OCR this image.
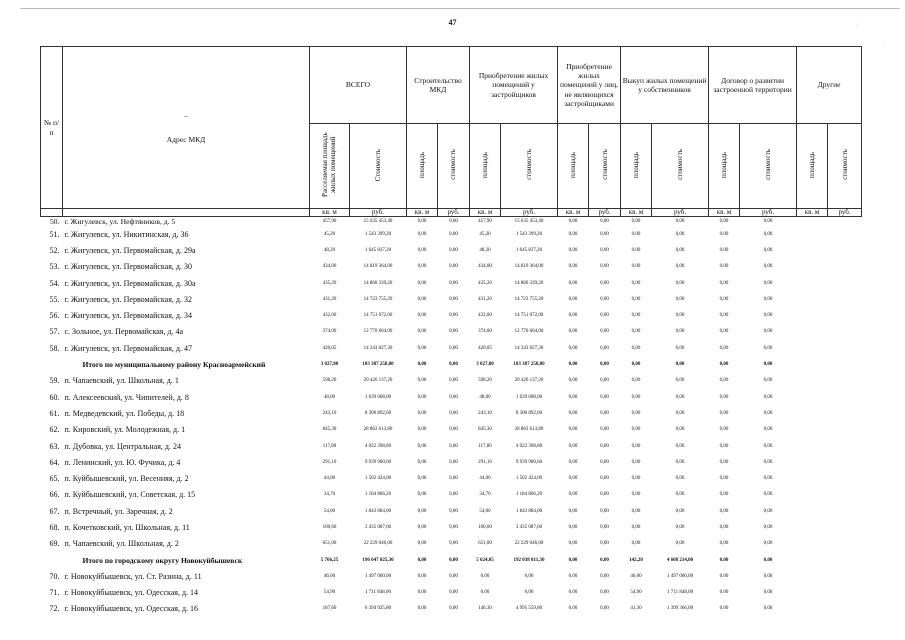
47	·
·
№ п/п	–
Адрес МКД	ВСЕГО		Строительство МКД		Приобретение жилых помещений у застройщиков		Приобретение жилых помещений у лиц, не являющихся застройщиками		Выкуп жилых помещений у собственников		Договор о развитии застроенной территории		Другие	
		Расселяемая площадь жилых помещений	Стоимость	площадь	стоимость	площадь	стоимость	площадь	стоимость	площадь	стоимость	площадь	стоимость	площадь	стоимость
		кв. м	руб.	кв. м	руб.	кв. м	руб.	кв. м	руб.	кв. м	руб.	кв. м	руб.	кв. м	руб.
50.	г. Жигулевск, ул. Нефтяников, д. 5	457,90	15 635 453,40	0,00	0,00	457,90	15 635 453,40	0,00	0,00	0,00	0,00	0,00	0,00		
51.	г. Жигулевск, ул. Никитинская, д. 36	45,20	1 543 399,20	0,00	0,00	45,20	1 543 399,20	0,00	0,00	0,00	0,00	0,00	0,00		
52.	г. Жигулевск, ул. Первомайская, д. 29а	48,20	1 645 837,20	0,00	0,00	48,20	1 645 837,20	0,00	0,00	0,00	0,00	0,00	0,00		
53.	г. Жигулевск, ул. Первомайская, д. 30	434,00	14 819 364,00	0,00	0,00	434,00	14 819 364,00	0,00	0,00	0,00	0,00	0,00	0,00		
54.	г. Жигулевск, ул. Первомайская, д. 30а	435,20	14 860 339,20	0,00	0,00	435,20	14 860 339,20	0,00	0,00	0,00	0,00	0,00	0,00		
55.	г. Жигулевск, ул. Первомайская, д. 32	431,20	14 723 755,20	0,00	0,00	431,20	14 723 755,20	0,00	0,00	0,00	0,00	0,00	0,00		
56.	г. Жигулевск, ул. Первомайская, д. 34	432,00	14 751 072,00	0,00	0,00	432,00	14 751 072,00	0,00	0,00	0,00	0,00	0,00	0,00		
57.	с. Зольное, ул. Первомайская, д. 4а	374,00	12 770 604,00	0,00	0,00	374,00	12 770 604,00	0,00	0,00	0,00	0,00	0,00	0,00		
58.	г. Жигулевск, ул. Первомайская, д. 47	420,05	14 343 027,30	0,00	0,00	420,05	14 343 027,30	0,00	0,00	0,00	0,00	0,00	0,00		
	Итого по муниципальному району Красноармейский	3 027,80	103 387 258,80	0,00	0,00	3 027,80	103 387 258,80	0,00	0,00	0,00	0,00	0,00	0,00		
59.	п. Чапаевский, ул. Школьная, д. 1	598,20	20 426 137,20	0,00	0,00	598,20	20 426 137,20	0,00	0,00	0,00	0,00	0,00	0,00		
60.	п. Алексеевский, ул. Чипителей, д. 8	48,00	1 639 008,00	0,00	0,00	48,00	1 639 008,00	0,00	0,00	0,00	0,00	0,00	0,00		
61.	п. Медведевский, ул. Победы, д. 18	243,10	8 300 892,60	0,00	0,00	243,10	8 300 892,60	0,00	0,00	0,00	0,00	0,00	0,00		
62.	п. Кировский, ул. Молодежная, д. 1	845,30	28 863 613,80	0,00	0,00	845,30	28 863 613,80	0,00	0,00	0,00	0,00	0,00	0,00		
63.	п. Дубовка, ул. Центральная, д. 24	117,80	4 022 398,80	0,00	0,00	117,80	4 022 398,80	0,00	0,00	0,00	0,00	0,00	0,00		
64.	п. Ленинский, ул. Ю. Фучика, д. 4	291,10	9 939 900,60	0,00	0,00	291,10	9 939 900,60	0,00	0,00	0,00	0,00	0,00	0,00		
65.	п. Куйбышевский, ул. Весенняя, д. 2	44,00	1 502 424,00	0,00	0,00	44,00	1 502 424,00	0,00	0,00	0,00	0,00	0,00	0,00		
66.	п. Куйбышевский, ул. Советская, д. 15	34,70	1 184 866,20	0,00	0,00	34,70	1 184 866,20	0,00	0,00	0,00	0,00	0,00	0,00		
67.	п. Встречный, ул. Заречная, д. 2	54,00	1 843 884,00	0,00	0,00	54,00	1 843 884,00	0,00	0,00	0,00	0,00	0,00	0,00		
68.	п. Кочетковский, ул. Школьная, д. 11	100,60	3 435 087,60	0,00	0,00	100,60	3 435 087,60	0,00	0,00	0,00	0,00	0,00	0,00		
69.	п. Чапаевский, ул. Школьная, д. 2	651,00	22 229 046,00	0,00	0,00	651,00	22 229 046,00	0,00	0,00	0,00	0,00	0,00	0,00		
	Итого по городскому округу Новокуйбышевск	5 766,25	196 647 025,30	0,00	0,00	5 624,05	192 038 811,30	0,00	0,00	142,20	4 608 214,00	0,00	0,00		
70.	г. Новокуйбышевск, ул. Ст. Разина, д. 11	46,00	1 497 000,00	0,00	0,00	0,00	0,00	0,00	0,00	46,00	1 497 000,00	0,00	0,00		
71.	г. Новокуйбышевск, ул. Одесская, д. 14	54,90	1 711 848,00	0,00	0,00	0,00	0,00	0,00	0,00	54,90	1 711 848,00	0,00	0,00		
72.	г. Новокуйбышевск, ул. Одесская, д. 16	187,60	6 394 925,80	0,00	0,00	146,30	4 995 559,80	0,00	0,00	41,30	1 399 366,00	0,00	0,00		
